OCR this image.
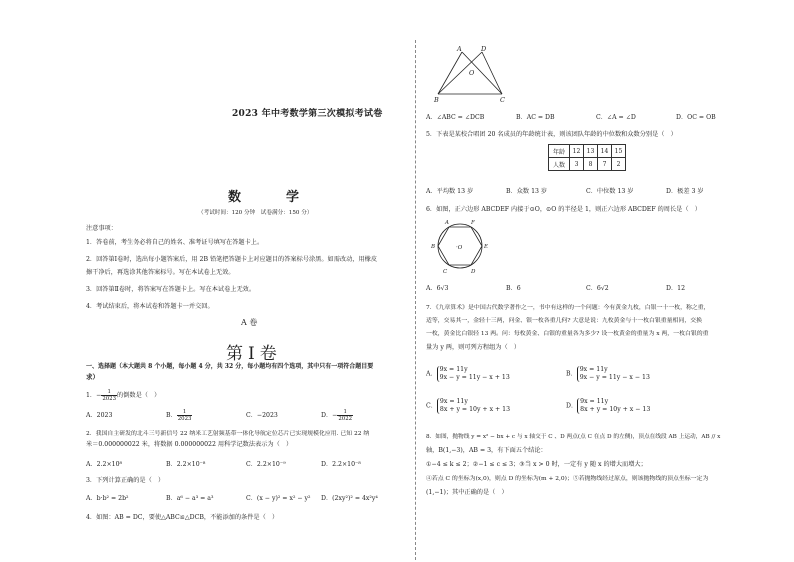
2023 年中考数学第三次模拟考试卷
数　学
（考试时间：120 分钟　试卷满分：150 分）
注意事项：
1．答卷前，考生务必将自己的姓名、准考证号填写在答题卡上。
2．回答第Ⅰ卷时，选出每小题答案后，用 2B 铅笔把答题卡上对应题目的答案标号涂黑。如需改动，用橡皮
擦干净后，再选涂其他答案标号。写在本试卷上无效。
3．回答第Ⅱ卷时，将答案写在答题卡上。写在本试卷上无效。
4．考试结束后，将本试卷和答题卡一并交回。
A 卷
第Ⅰ卷
一、选择题（本大题共 8 个小题，每小题 4 分，共 32 分，每小题均有四个选项，其中只有一项符合题目要
求）
1．− $\frac{1}{2023}$ 的倒数是（　）
A．2023	B． $\frac{1}{2023}$	C．−2023	D．− $\frac{1}{2022}$
2．我国自主研发的北斗三号新信号 22 纳米工艺射频基带一体化导航定位芯片已实现规模化应用. 已知 22 纳
米＝0.000000022 米，将数据 0.000000022 用科学记数法表示为（　）
A．2.2×10⁸	B．2.2×10⁻⁸	C．2.2×10⁻⁹	D．2.2×10⁻⁸
3．下列计算正确的是（　）
A．b·b² = 2b²	B．a⁶ − a³ = a³	C．(x − y)² = x² − y² D．(2xy²)² = 4x²y⁴
4．如图：AB = DC，要使△ABC≌△DCB，不能添加的条件是（　）
A	D
O
B	C
A．∠ABC = ∠DCB	B．AC = DB	C．∠A = ∠D	D．OC = OB
5．下表是某校合唱团 20 名成员的年龄统计表，则该团队年龄的中位数和众数分别是（　）
年龄	12	13	14	15
人数	3	8	7	2
A．平均数 13 岁	B．众数 13 岁	C．中位数 13 岁	D．极差 3 岁
6．如图，正六边形 ABCDEF 内接于⊙O，⊙O 的半径是 1，则正六边形 ABCDEF 的周长是（　）
A	F
B	·O	E
C	D
A．6√3	B．6	C．6√2	D．12
7．《九章算术》是中国古代数学著作之一，书中有这样的一个问题：今有黄金九枚，白银一十一枚，称之重，
适等，交易其一，金轻十三两，问金、银一枚各重几何? 大意是说：九枚黄金与十一枚白银重量相同，交换
一枚，黄金比白银轻 13 两。问：每枚黄金、白银的重量各为多少? 设一枚黄金的重量为 x 两，一枚白银的重
量为 y 两，则可列方程组为（　）
A．
9x = 11y
9x − y = 11y − x + 13	B．
9x = 11y
9x − y = 11y − x − 13
C．
9x = 11y
8x + y = 10y + x + 13	D．
9x = 11y
8x + y = 10y + x − 13
8．如图，抛物线 y = x² − bx + c 与 x 轴交于 C 、D 两点(点 C 在点 D 的左侧)，顶点在线段 AB 上运动，AB // x
轴，B(1,−3)，AB = 3，有下面五个结论：
①−4 ≤ k ≤ 2；②−1 ≤ c ≤ 3；③当 x > 0 时，一定有 y 随 x 的增大而增大；
④若点 C 的坐标为(x,0)，则点 D 的坐标为(m + 2,0)；⑤若抛物线经过原点，则该抛物线的顶点坐标一定为
(1,−1)；其中正确的是（　）
